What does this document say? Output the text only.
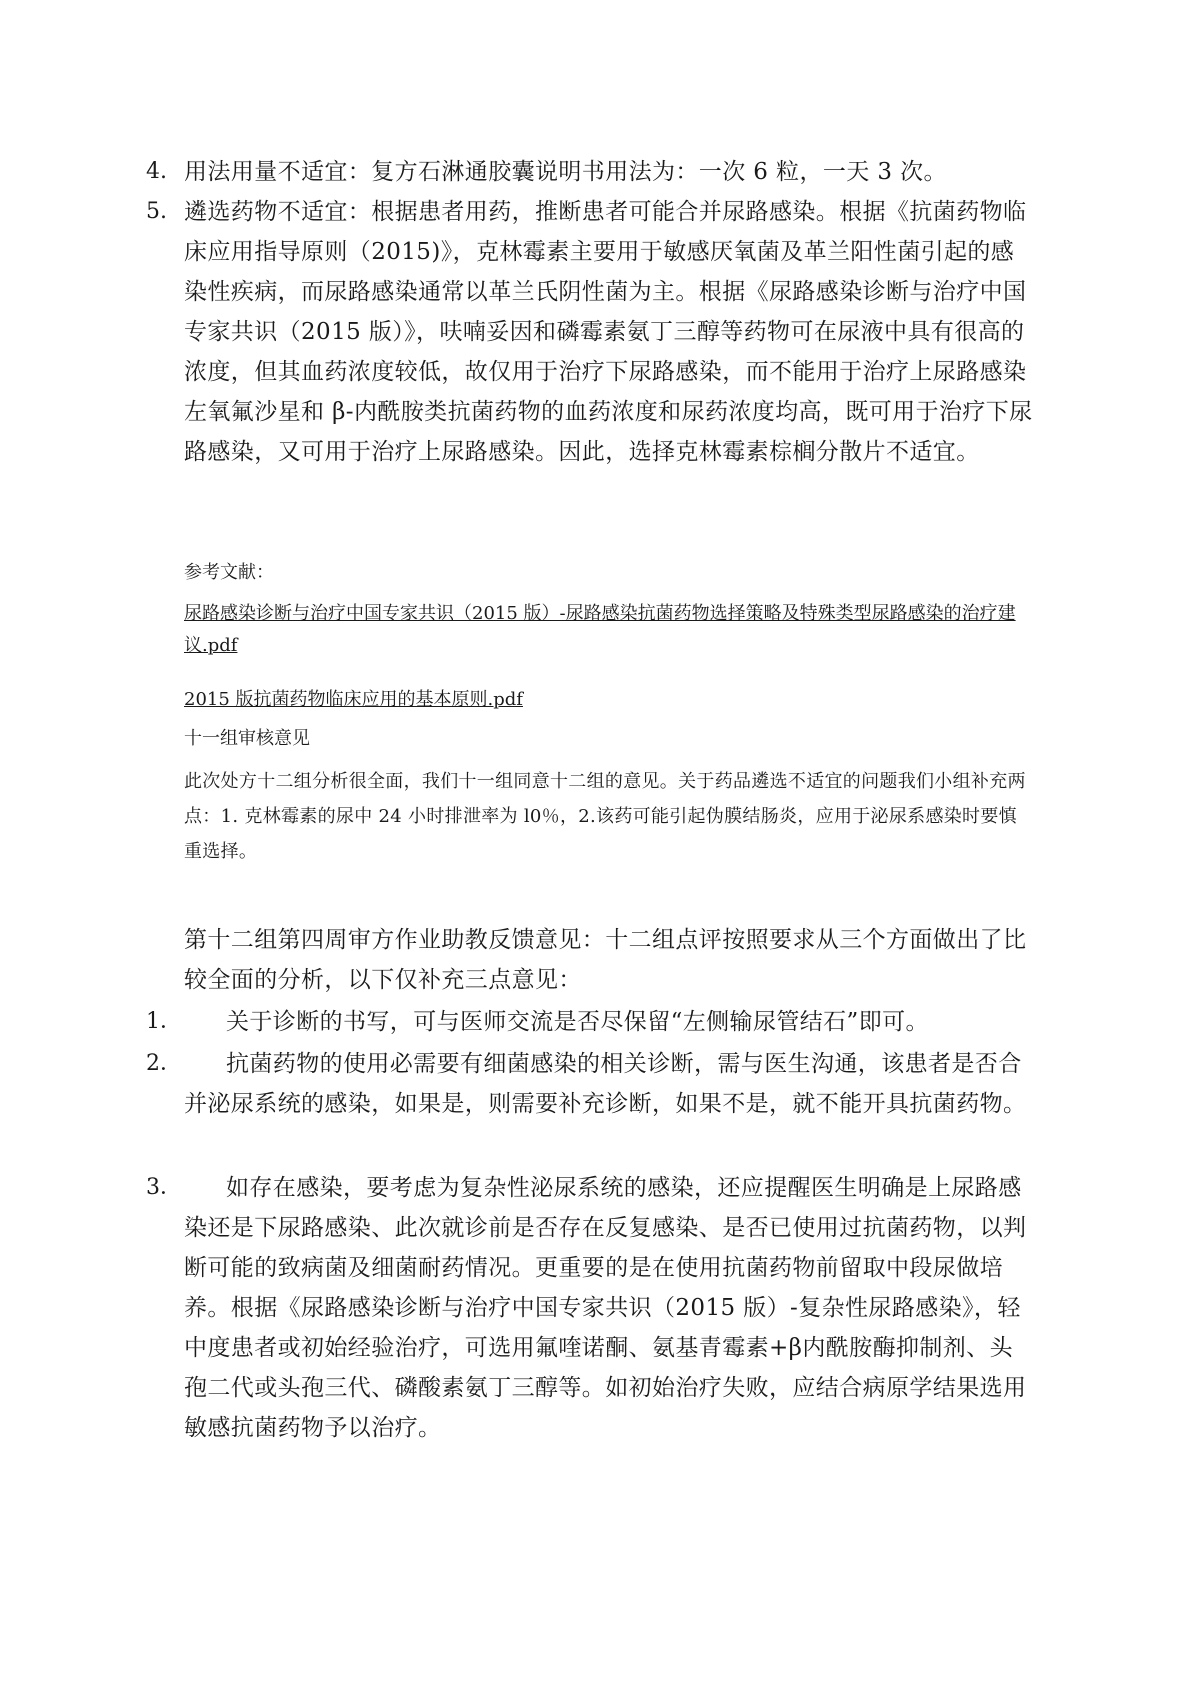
4. 用法用量不适宜：复方石淋通胶囊说明书用法为：一次 6 粒，一天 3 次。
5. 遴选药物不适宜：根据患者用药，推断患者可能合并尿路感染。根据《抗菌药物临床应用指导原则（2015)》，克林霉素主要用于敏感厌氧菌及革兰阳性菌引起的感染性疾病，而尿路感染通常以革兰氏阴性菌为主。根据《尿路感染诊断与治疗中国专家共识（2015 版）》，呋喃妥因和磷霉素氨丁三醇等药物可在尿液中具有很高的浓度，但其血药浓度较低，故仅用于治疗下尿路感染，而不能用于治疗上尿路感染左氧氟沙星和 β-内酰胺类抗菌药物的血药浓度和尿药浓度均高，既可用于治疗下尿路感染，又可用于治疗上尿路感染。因此，选择克林霉素棕榈分散片不适宜。
参考文献：
尿路感染诊断与治疗中国专家共识（2015 版）-尿路感染抗菌药物选择策略及特殊类型尿路感染的治疗建议.pdf
2015 版抗菌药物临床应用的基本原则.pdf
十一组审核意见
此次处方十二组分析很全面，我们十一组同意十二组的意见。关于药品遴选不适宜的问题我们小组补充两点：1. 克林霉素的尿中 24 小时排泄率为 l0％，2.该药可能引起伪膜结肠炎，应用于泌尿系感染时要慎重选择。
第十二组第四周审方作业助教反馈意见：十二组点评按照要求从三个方面做出了比较全面的分析，以下仅补充三点意见：
1．	关于诊断的书写，可与医师交流是否尽保留“左侧输尿管结石”即可。
2．	抗菌药物的使用必需要有细菌感染的相关诊断，需与医生沟通，该患者是否合并泌尿系统的感染，如果是，则需要补充诊断，如果不是，就不能开具抗菌药物。
3．	如存在感染，要考虑为复杂性泌尿系统的感染，还应提醒医生明确是上尿路感染还是下尿路感染、此次就诊前是否存在反复感染、是否已使用过抗菌药物，以判断可能的致病菌及细菌耐药情况。更重要的是在使用抗菌药物前留取中段尿做培养。根据《尿路感染诊断与治疗中国专家共识（2015 版）-复杂性尿路感染》，轻中度患者或初始经验治疗，可选用氟喹诺酮、氨基青霉素+β内酰胺酶抑制剂、头孢二代或头孢三代、磷酸素氨丁三醇等。如初始治疗失败，应结合病原学结果选用敏感抗菌药物予以治疗。
